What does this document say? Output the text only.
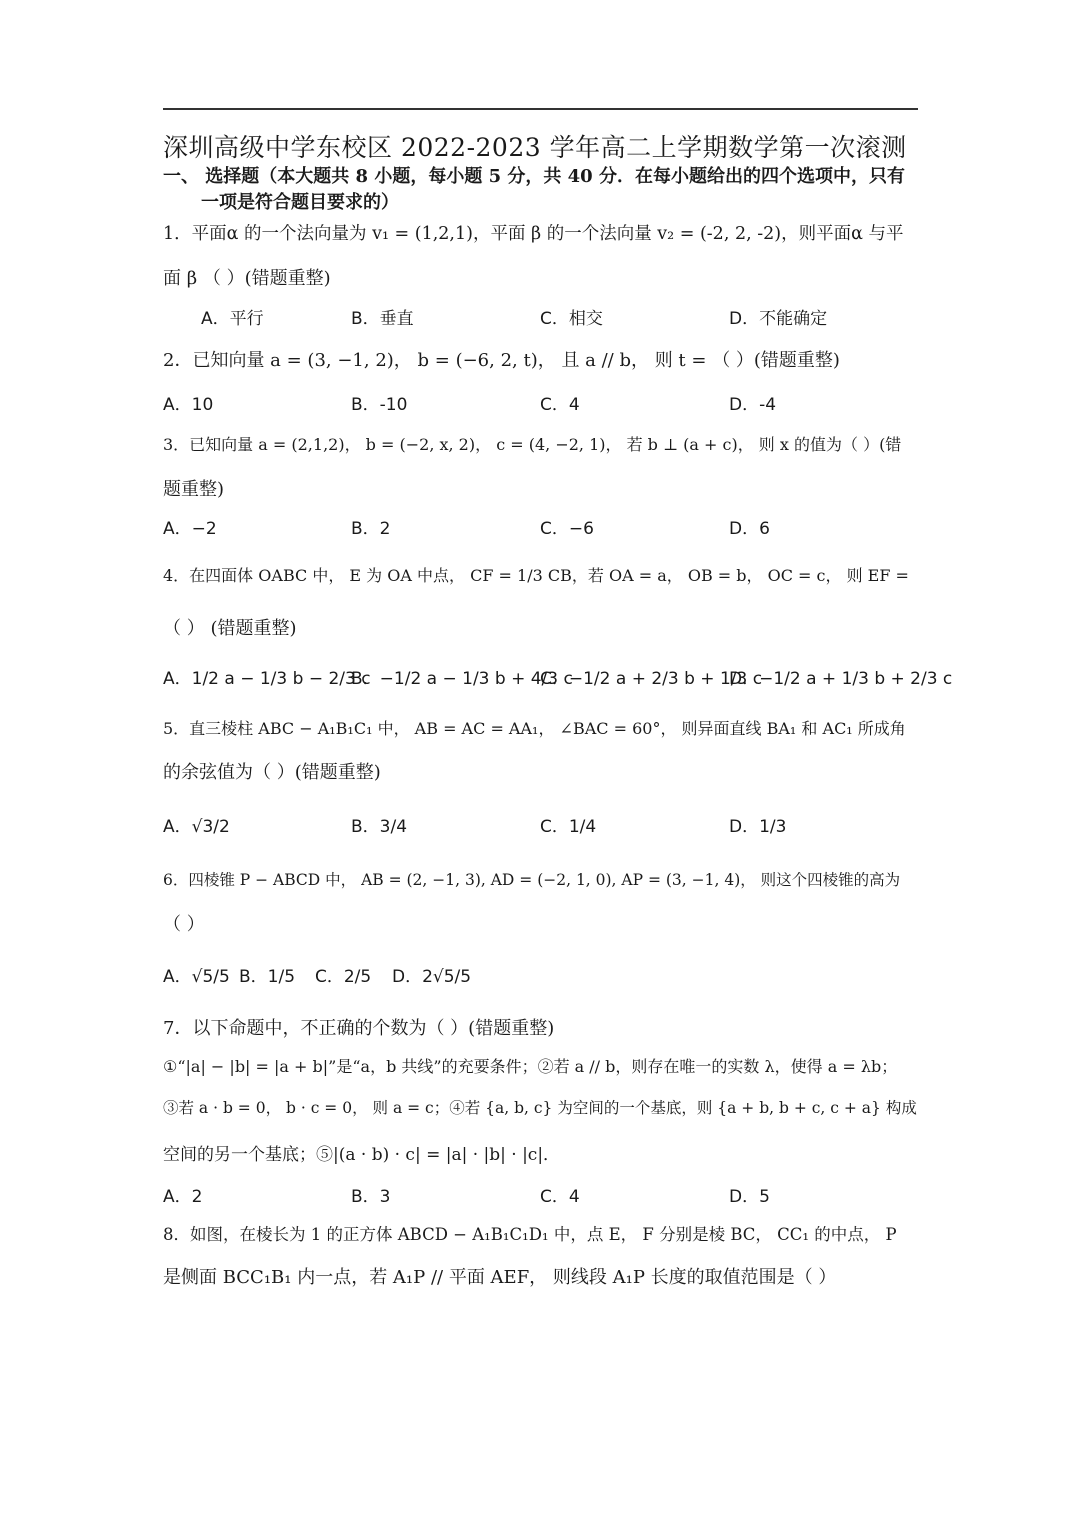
深圳高级中学东校区 2022-2023 学年高二上学期数学第一次滚测
一、 选择题（本大题共 8 小题，每小题 5 分，共 40 分．在每小题给出的四个选项中，只有
一项是符合题目要求的）
1．平面α 的一个法向量为 v₁ = (1,2,1)，平面 β 的一个法向量 v₂ = (-2, 2, -2)，则平面α 与平
面 β （ ）(错题重整)
A．平行	B．垂直	C．相交	D．不能确定
2．已知向量 a = (3, −1, 2)， b = (−6, 2, t)， 且 a // b， 则 t = （ ）(错题重整)
A．10	B．-10	C．4	D．-4
3．已知向量 a = (2,1,2)， b = (−2, x, 2)， c = (4, −2, 1)， 若 b ⊥ (a + c)， 则 x 的值为（ ）(错
题重整)
A．−2	B．2	C．−6	D．6
4．在四面体 OABC 中， E 为 OA 中点， CF = 1/3 CB，若 OA = a， OB = b， OC = c， 则 EF =
（ ） (错题重整)
A．1/2 a − 1/3 b − 2/3 c
B．−1/2 a − 1/3 b + 4/3 c
C．−1/2 a + 2/3 b + 1/3 c
D．−1/2 a + 1/3 b + 2/3 c
5．直三棱柱 ABC − A₁B₁C₁ 中， AB = AC = AA₁， ∠BAC = 60°， 则异面直线 BA₁ 和 AC₁ 所成角
的余弦值为（ ）(错题重整)
A．√3/2	B．3/4	C．1/4	D．1/3
6．四棱锥 P − ABCD 中， AB = (2, −1, 3), AD = (−2, 1, 0), AP = (3, −1, 4)， 则这个四棱锥的高为
（ ）
A．√5/5 B．1/5 C．2/5 D．2√5/5
7．以下命题中，不正确的个数为（ ）(错题重整)
①“|a| − |b| = |a + b|”是“a，b 共线”的充要条件；②若 a // b，则存在唯一的实数 λ，使得 a = λb；
③若 a · b = 0， b · c = 0， 则 a = c；④若 {a, b, c} 为空间的一个基底，则 {a + b, b + c, c + a} 构成
空间的另一个基底；⑤|(a · b) · c| = |a| · |b| · |c|．
A．2	B．3	C．4	D．5
8．如图，在棱长为 1 的正方体 ABCD − A₁B₁C₁D₁ 中，点 E， F 分别是棱 BC， CC₁ 的中点， P
是侧面 BCC₁B₁ 内一点，若 A₁P // 平面 AEF， 则线段 A₁P 长度的取值范围是（ ）
